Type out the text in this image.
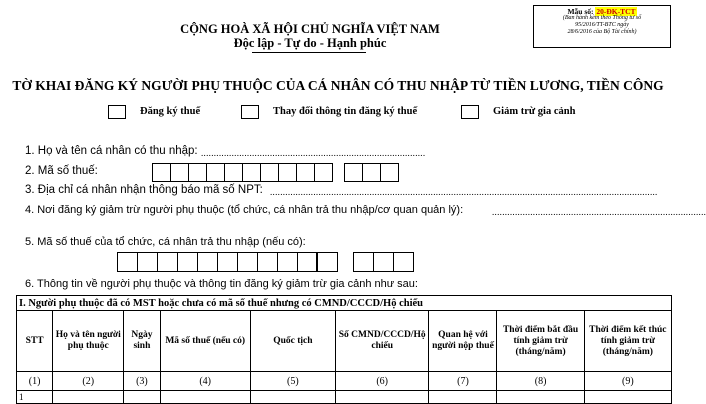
Mẫu số: 20-ĐK-TCT
(Ban hành kèm theo Thông tư số
95/2016/TT-BTC ngày
28/6/2016 của Bộ Tài chính)
CỘNG HOÀ XÃ HỘI CHỦ NGHĨA VIỆT NAM
Độc lập - Tự do - Hạnh phúc
TỜ KHAI ĐĂNG KÝ NGƯỜI PHỤ THUỘC CỦA CÁ NHÂN CÓ THU NHẬP TỪ TIỀN LƯƠNG, TIỀN CÔNG
Đăng ký thuế	Thay đổi thông tin đăng ký thuế	Giảm trừ gia cảnh
1. Họ và tên cá nhân có thu nhập: ........................................................................................
2. Mã số thuế:
3. Địa chỉ cá nhân nhận thông báo mã số NPT: ........................................................................................................................................................
4. Nơi đăng ký giảm trừ người phụ thuộc (tổ chức, cá nhân trả thu nhập/cơ quan quản lý):	....................................................................................
5. Mã số thuế của tổ chức, cá nhân trả thu nhập (nếu có):
6. Thông tin về người phụ thuộc và thông tin đăng ký giảm trừ gia cảnh như sau:
I. Người phụ thuộc đã có MST hoặc chưa có mã số thuế nhưng có CMND/CCCD/Hộ chiếu								
STT	Họ và tên người phụ thuộc	Ngày sinh	Mã số thuế (nếu có)	Quốc tịch	Số CMND/CCCD/Hộ chiếu	Quan hệ với người nộp thuế	Thời điểm bắt đầu tính giảm trừ (tháng/năm)	Thời điểm kết thúc tính giảm trừ (tháng/năm)
(1)	(2)	(3)	(4)	(5)	(6)	(7)	(8)	(9)
1								
